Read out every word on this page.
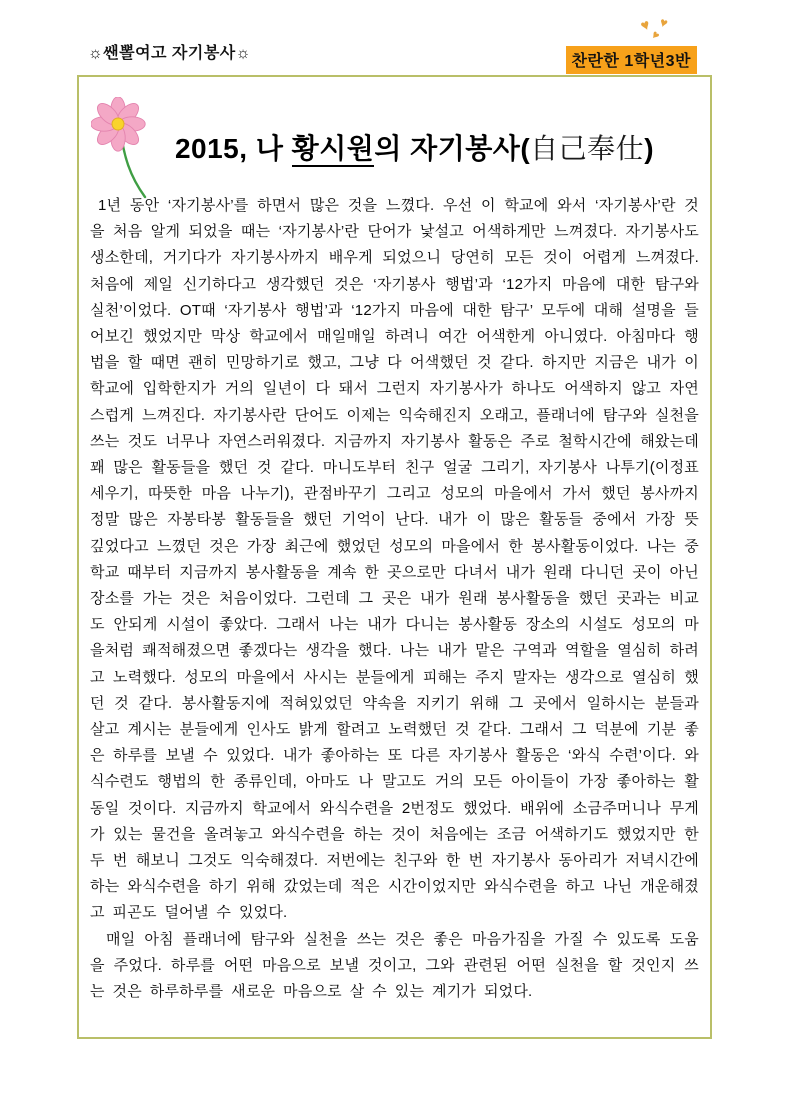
☼쌘뽈여고 자기봉사☼
♥ ♥
♥
찬란한 1학년3반
2015, 나 황시원의 자기봉사(自己奉仕)

1년 동안 ‘자기봉사’를 하면서 많은 것을 느꼈다. 우선 이 학교에 와서 ‘자기봉사’란 것을 처음 알게 되었을 때는 ‘자기봉사’란 단어가 낯설고 어색하게만 느껴졌다. 자기봉사도 생소한데, 거기다가 자기봉사까지 배우게 되었으니 당연히 모든 것이 어렵게 느껴졌다. 처음에 제일 신기하다고 생각했던 것은 ‘자기봉사 행법’과 ‘12가지 마음에 대한 탐구와 실천’이었다. OT때 ‘자기봉사 행법’과 ‘12가지 마음에 대한 탐구’ 모두에 대해 설명을 들어보긴 했었지만 막상 학교에서 매일매일 하려니 여간 어색한게 아니였다. 아침마다 행법을 할 때면 괜히 민망하기로 했고, 그냥 다 어색했던 것 같다. 하지만 지금은 내가 이 학교에 입학한지가 거의 일년이 다 돼서 그런지 자기봉사가 하나도 어색하지 않고 자연스럽게 느껴진다. 자기봉사란 단어도 이제는 익숙해진지 오래고, 플래너에 탐구와 실천을 쓰는 것도 너무나 자연스러워졌다. 지금까지 자기봉사 활동은 주로 철학시간에 해왔는데 꽤 많은 활동들을 했던 것 같다. 마니도부터 친구 얼굴 그리기, 자기봉사 나투기(이정표 세우기, 따뜻한 마음 나누기), 관점바꾸기 그리고 성모의 마을에서 가서 했던 봉사까지 정말 많은 자봉타봉 활동들을 했던 기억이 난다. 내가 이 많은 활동들 중에서 가장 뜻 깊었다고 느꼈던 것은 가장 최근에 했었던 성모의 마을에서 한 봉사활동이었다. 나는 중학교 때부터 지금까지 봉사활동을 계속 한 곳으로만 다녀서 내가 원래 다니던 곳이 아닌 장소를 가는 것은 처음이었다. 그런데 그 곳은 내가 원래 봉사활동을 했던 곳과는 비교도 안되게 시설이 좋았다. 그래서 나는 내가 다니는 봉사활동 장소의 시설도 성모의 마을처럼 쾌적해졌으면 좋겠다는 생각을 했다. 나는 내가 맡은 구역과 역할을 열심히 하려고 노력했다. 성모의 마을에서 사시는 분들에게 피해는 주지 말자는 생각으로 열심히 했던 것 같다. 봉사활동지에 적혀있었던 약속을 지키기 위해 그 곳에서 일하시는 분들과 살고 계시는 분들에게 인사도 밝게 할려고 노력했던 것 같다. 그래서 그 덕분에 기분 좋은 하루를 보낼 수 있었다. 내가 좋아하는 또 다른 자기봉사 활동은 ‘와식 수련’이다. 와식수련도 행법의 한 종류인데, 아마도 나 말고도 거의 모든 아이들이 가장 좋아하는 활동일 것이다. 지금까지 학교에서 와식수련을 2번정도 했었다. 배위에 소금주머니나 무게가 있는 물건을 올려놓고 와식수련을 하는 것이 처음에는 조금 어색하기도 했었지만 한 두 번 해보니 그것도 익숙해졌다. 저번에는 친구와 한 번 자기봉사 동아리가 저녁시간에 하는 와식수련을 하기 위해 갔었는데 적은 시간이었지만 와식수련을 하고 나닌 개운해졌고 피곤도 덜어낼 수 있었다.

매일 아침 플래너에 탐구와 실천을 쓰는 것은 좋은 마음가짐을 가질 수 있도록 도움을 주었다. 하루를 어떤 마음으로 보낼 것이고, 그와 관련된 어떤 실천을 할 것인지 쓰는 것은 하루하루를 새로운 마음으로 살 수 있는 계기가 되었다.
